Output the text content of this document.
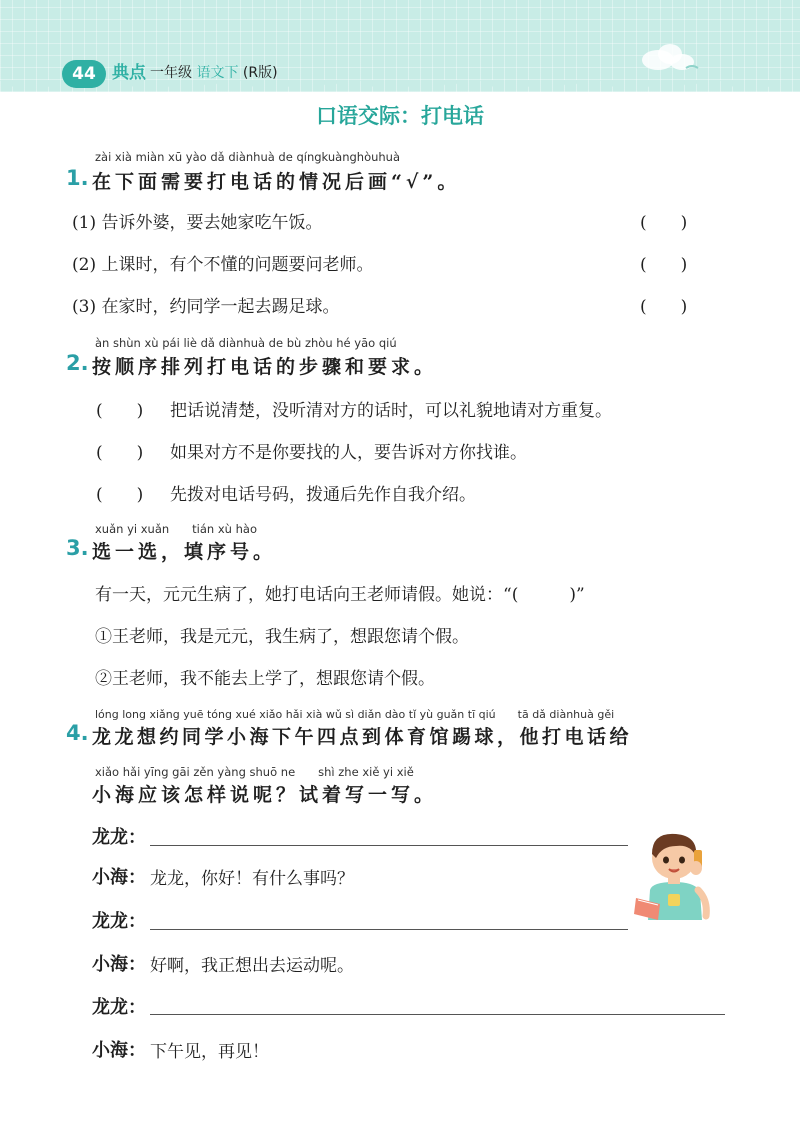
44 典点 一年级 语文下 (R版)
口语交际：打电话
zài xià miàn xū yào dǎ diànhuà de qíngkuànghòuhuà
1. 在下面需要打电话的情况后画“√”。
(1) 告诉外婆，要去她家吃午饭。	(　　)
(2) 上课时，有个不懂的问题要问老师。	(　　)
(3) 在家时，约同学一起去踢足球。	(　　)
àn shùn xù pái liè dǎ diànhuà de bù zhòu hé yāo qiú
2. 按顺序排列打电话的步骤和要求。
(　　) 把话说清楚，没听清对方的话时，可以礼貌地请对方重复。
(　　) 如果对方不是你要找的人，要告诉对方你找谁。
(　　) 先拨对电话号码，拨通后先作自我介绍。
xuǎn yi xuǎn　　tián xù hào
3. 选一选，填序号。
有一天，元元生病了，她打电话向王老师请假。她说：“(　　　)”
①王老师，我是元元，我生病了，想跟您请个假。
②王老师，我不能去上学了，想跟您请个假。
lóng long xiǎng yuē tóng xué xiǎo hǎi xià wǔ sì diǎn dào tǐ yù guǎn tī qiú　　tā dǎ diànhuà gěi
4. 龙龙想约同学小海下午四点到体育馆踢球，他打电话给
xiǎo hǎi yīng gāi zěn yàng shuō ne　　shì zhe xiě yi xiě
小海应该怎样说呢？试着写一写。
龙龙：
小海： 龙龙，你好！有什么事吗？
龙龙：
小海： 好啊，我正想出去运动呢。
龙龙：
小海： 下午见，再见！
